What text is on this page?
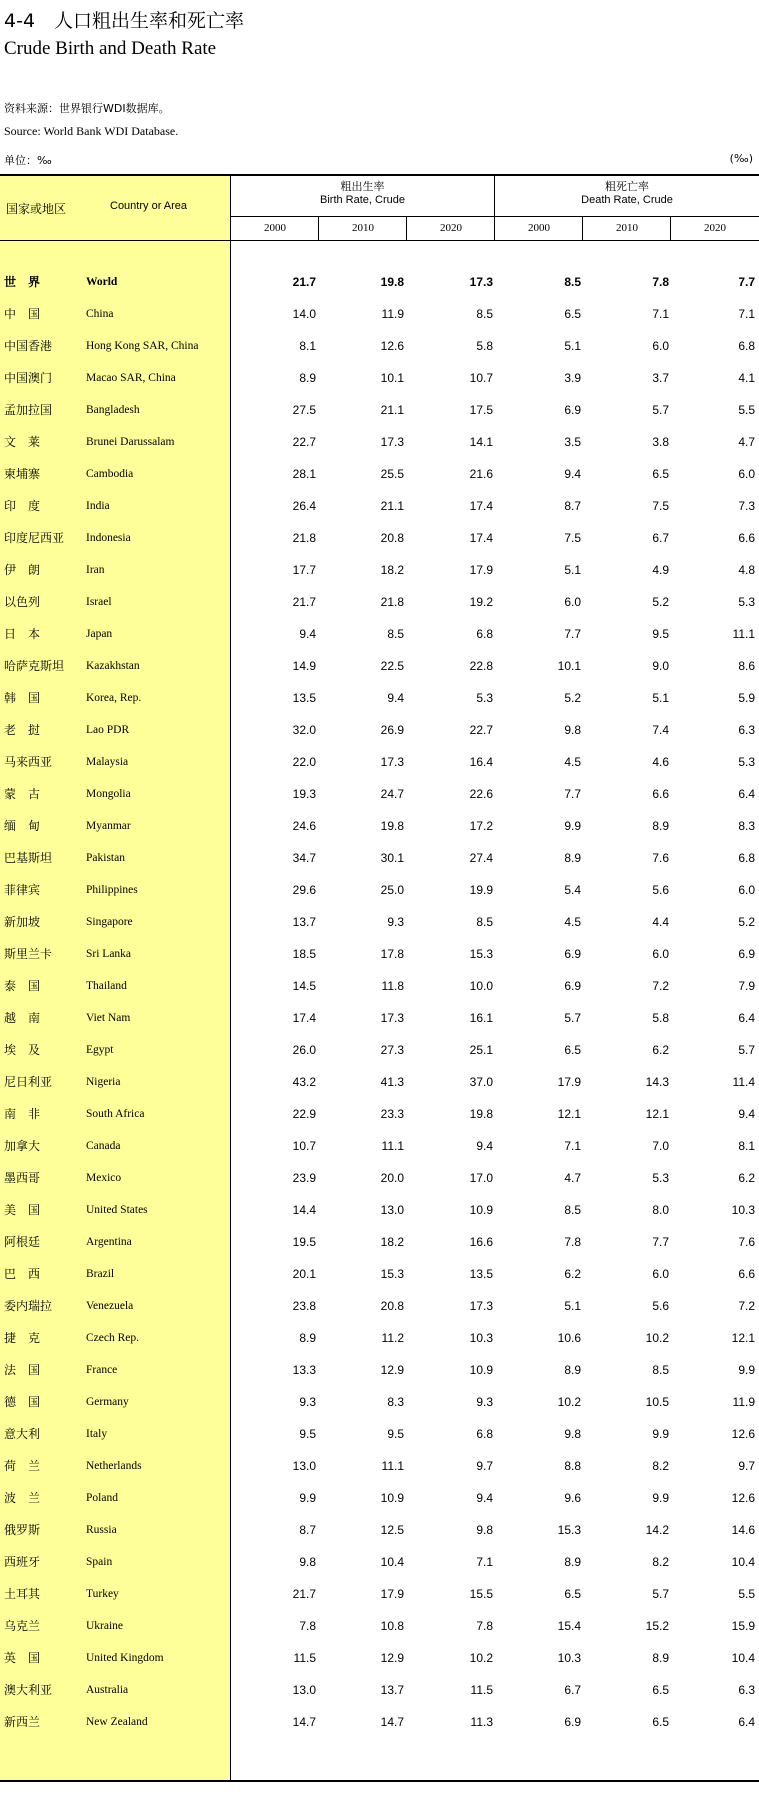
4-4　人口粗出生率和死亡率
Crude Birth and Death Rate
资料来源：世界银行WDI数据库。
Source: World Bank WDI Database.
单位：‰	(‰)
国家或地区	Country or Area
粗出生率
Birth Rate, Crude
粗死亡率
Death Rate, Crude
2000	2010	2020	2000	2010	2020
世　界	World	21.7	19.8	17.3	8.5	7.8	7.7
中　国	China	14.0	11.9	8.5	6.5	7.1	7.1
中国香港	Hong Kong SAR, China	8.1	12.6	5.8	5.1	6.0	6.8
中国澳门	Macao SAR, China	8.9	10.1	10.7	3.9	3.7	4.1
孟加拉国	Bangladesh	27.5	21.1	17.5	6.9	5.7	5.5
文　莱	Brunei Darussalam	22.7	17.3	14.1	3.5	3.8	4.7
柬埔寨	Cambodia	28.1	25.5	21.6	9.4	6.5	6.0
印　度	India	26.4	21.1	17.4	8.7	7.5	7.3
印度尼西亚 Indonesia	21.8	20.8	17.4	7.5	6.7	6.6
伊　朗	Iran	17.7	18.2	17.9	5.1	4.9	4.8
以色列	Israel	21.7	21.8	19.2	6.0	5.2	5.3
日　本	Japan	9.4	8.5	6.8	7.7	9.5	11.1
哈萨克斯坦 Kazakhstan	14.9	22.5	22.8	10.1	9.0	8.6
韩　国	Korea, Rep.	13.5	9.4	5.3	5.2	5.1	5.9
老　挝	Lao PDR	32.0	26.9	22.7	9.8	7.4	6.3
马来西亚	Malaysia	22.0	17.3	16.4	4.5	4.6	5.3
蒙　古	Mongolia	19.3	24.7	22.6	7.7	6.6	6.4
缅　甸	Myanmar	24.6	19.8	17.2	9.9	8.9	8.3
巴基斯坦	Pakistan	34.7	30.1	27.4	8.9	7.6	6.8
菲律宾	Philippines	29.6	25.0	19.9	5.4	5.6	6.0
新加坡	Singapore	13.7	9.3	8.5	4.5	4.4	5.2
斯里兰卡	Sri Lanka	18.5	17.8	15.3	6.9	6.0	6.9
泰　国	Thailand	14.5	11.8	10.0	6.9	7.2	7.9
越　南	Viet Nam	17.4	17.3	16.1	5.7	5.8	6.4
埃　及	Egypt	26.0	27.3	25.1	6.5	6.2	5.7
尼日利亚	Nigeria	43.2	41.3	37.0	17.9	14.3	11.4
南　非	South Africa	22.9	23.3	19.8	12.1	12.1	9.4
加拿大	Canada	10.7	11.1	9.4	7.1	7.0	8.1
墨西哥	Mexico	23.9	20.0	17.0	4.7	5.3	6.2
美　国	United States	14.4	13.0	10.9	8.5	8.0	10.3
阿根廷	Argentina	19.5	18.2	16.6	7.8	7.7	7.6
巴　西	Brazil	20.1	15.3	13.5	6.2	6.0	6.6
委内瑞拉	Venezuela	23.8	20.8	17.3	5.1	5.6	7.2
捷　克	Czech Rep.	8.9	11.2	10.3	10.6	10.2	12.1
法　国	France	13.3	12.9	10.9	8.9	8.5	9.9
德　国	Germany	9.3	8.3	9.3	10.2	10.5	11.9
意大利	Italy	9.5	9.5	6.8	9.8	9.9	12.6
荷　兰	Netherlands	13.0	11.1	9.7	8.8	8.2	9.7
波　兰	Poland	9.9	10.9	9.4	9.6	9.9	12.6
俄罗斯	Russia	8.7	12.5	9.8	15.3	14.2	14.6
西班牙	Spain	9.8	10.4	7.1	8.9	8.2	10.4
土耳其	Turkey	21.7	17.9	15.5	6.5	5.7	5.5
乌克兰	Ukraine	7.8	10.8	7.8	15.4	15.2	15.9
英　国	United Kingdom	11.5	12.9	10.2	10.3	8.9	10.4
澳大利亚	Australia	13.0	13.7	11.5	6.7	6.5	6.3
新西兰	New Zealand	14.7	14.7	11.3	6.9	6.5	6.4
